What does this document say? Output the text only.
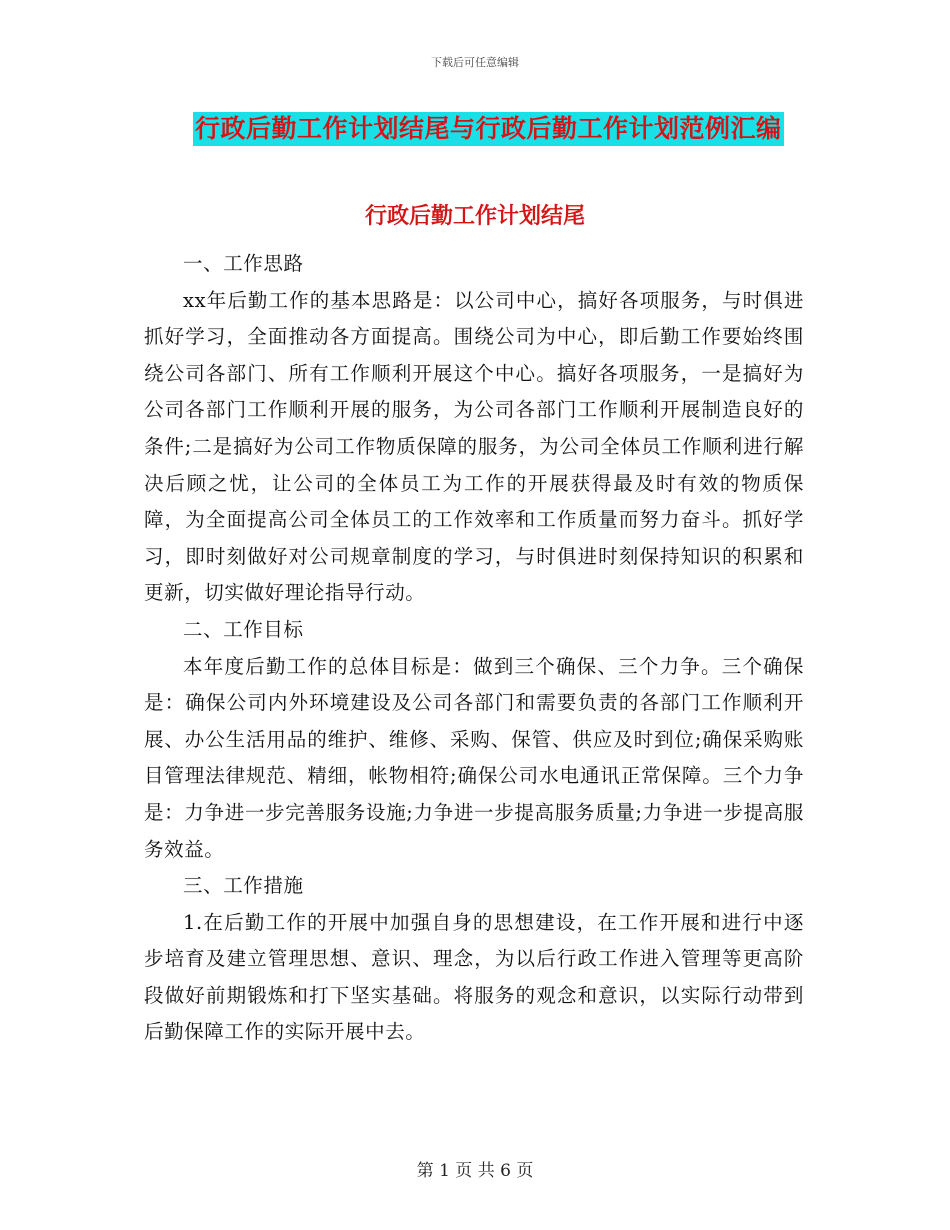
下载后可任意编辑
行政后勤工作计划结尾与行政后勤工作计划范例汇编
行政后勤工作计划结尾

一、工作思路

xx年后勤工作的基本思路是：以公司中心，搞好各项服务，与时俱进抓好学习，全面推动各方面提高。围绕公司为中心，即后勤工作要始终围绕公司各部门、所有工作顺利开展这个中心。搞好各项服务，一是搞好为公司各部门工作顺利开展的服务，为公司各部门工作顺利开展制造良好的条件;二是搞好为公司工作物质保障的服务，为公司全体员工作顺利进行解决后顾之忧，让公司的全体员工为工作的开展获得最及时有效的物质保障，为全面提高公司全体员工的工作效率和工作质量而努力奋斗。抓好学习，即时刻做好对公司规章制度的学习，与时俱进时刻保持知识的积累和更新，切实做好理论指导行动。

二、工作目标

本年度后勤工作的总体目标是：做到三个确保、三个力争。三个确保是：确保公司内外环境建设及公司各部门和需要负责的各部门工作顺利开展、办公生活用品的维护、维修、采购、保管、供应及时到位;确保采购账目管理法律规范、精细，帐物相符;确保公司水电通讯正常保障。三个力争是：力争进一步完善服务设施;力争进一步提高服务质量;力争进一步提高服务效益。

三、工作措施

1.在后勤工作的开展中加强自身的思想建设，在工作开展和进行中逐步培育及建立管理思想、意识、理念，为以后行政工作进入管理等更高阶段做好前期锻炼和打下坚实基础。将服务的观念和意识，以实际行动带到后勤保障工作的实际开展中去。

第 1 页 共 6 页
